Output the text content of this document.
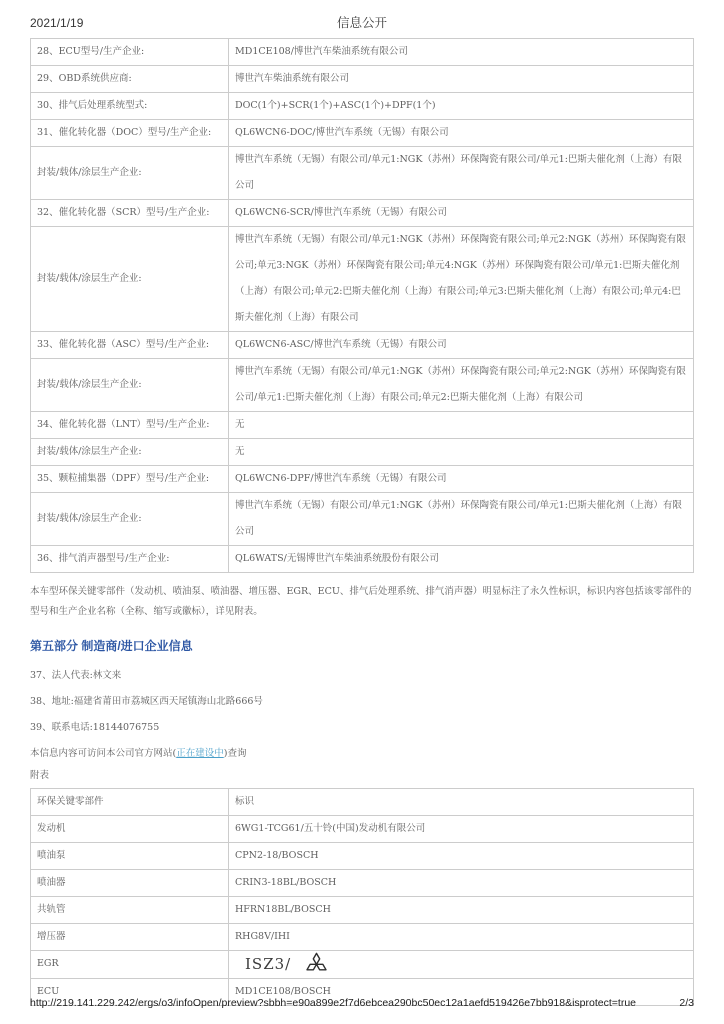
2021/1/19	信息公开
28、ECU型号/生产企业:	MD1CE108/博世汽车柴油系统有限公司
29、OBD系统供应商:	博世汽车柴油系统有限公司
30、排气后处理系统型式:	DOC(1个)+SCR(1个)+ASC(1个)+DPF(1个)
31、催化转化器（DOC）型号/生产企业:	QL6WCN6-DOC/博世汽车系统（无锡）有限公司
封装/载体/涂层生产企业:	博世汽车系统（无锡）有限公司/单元1:NGK（苏州）环保陶瓷有限公司/单元1:巴斯夫催化剂（上海）有限公司
32、催化转化器（SCR）型号/生产企业:	QL6WCN6-SCR/博世汽车系统（无锡）有限公司
封装/载体/涂层生产企业:	博世汽车系统（无锡）有限公司/单元1:NGK（苏州）环保陶瓷有限公司;单元2:NGK（苏州）环保陶瓷有限公司;单元3:NGK（苏州）环保陶瓷有限公司;单元4:NGK（苏州）环保陶瓷有限公司/单元1:巴斯夫催化剂（上海）有限公司;单元2:巴斯夫催化剂（上海）有限公司;单元3:巴斯夫催化剂（上海）有限公司;单元4:巴斯夫催化剂（上海）有限公司
33、催化转化器（ASC）型号/生产企业:	QL6WCN6-ASC/博世汽车系统（无锡）有限公司
封装/载体/涂层生产企业:	博世汽车系统（无锡）有限公司/单元1:NGK（苏州）环保陶瓷有限公司;单元2:NGK（苏州）环保陶瓷有限公司/单元1:巴斯夫催化剂（上海）有限公司;单元2:巴斯夫催化剂（上海）有限公司
34、催化转化器（LNT）型号/生产企业:	无
封装/载体/涂层生产企业:	无
35、颗粒捕集器（DPF）型号/生产企业:	QL6WCN6-DPF/博世汽车系统（无锡）有限公司
封装/载体/涂层生产企业:	博世汽车系统（无锡）有限公司/单元1:NGK（苏州）环保陶瓷有限公司/单元1:巴斯夫催化剂（上海）有限公司
36、排气消声器型号/生产企业:	QL6WATS/无锡博世汽车柴油系统股份有限公司

本车型环保关键零部件（发动机、喷油泵、喷油器、增压器、EGR、ECU、排气后处理系统、排气消声器）明显标注了永久性标识，标识内容包括该零部件的型号和生产企业名称（全称、缩写或徽标），详见附表。

第五部分 制造商/进口企业信息

37、法人代表:林文来

38、地址:福建省莆田市荔城区西天尾镇海山北路666号

39、联系电话:18144076755

本信息内容可访问本公司官方网站(正在建设中)查询

附表

环保关键零部件	标识
发动机	6WG1-TCG61/五十铃(中国)发动机有限公司
喷油泵	CPN2-18/BOSCH
喷油器	CRIN3-18BL/BOSCH
共轨管	HFRN18BL/BOSCH
增压器	RHG8V/IHI
EGR	ISZ3/
ECU	MD1CE108/BOSCH
http://219.141.229.242/ergs/o3/infoOpen/preview?sbbh=e90a899e2f7d6ebcea290bc50ec12a1aefd519426e7bb918&isprotect=true	2/3
